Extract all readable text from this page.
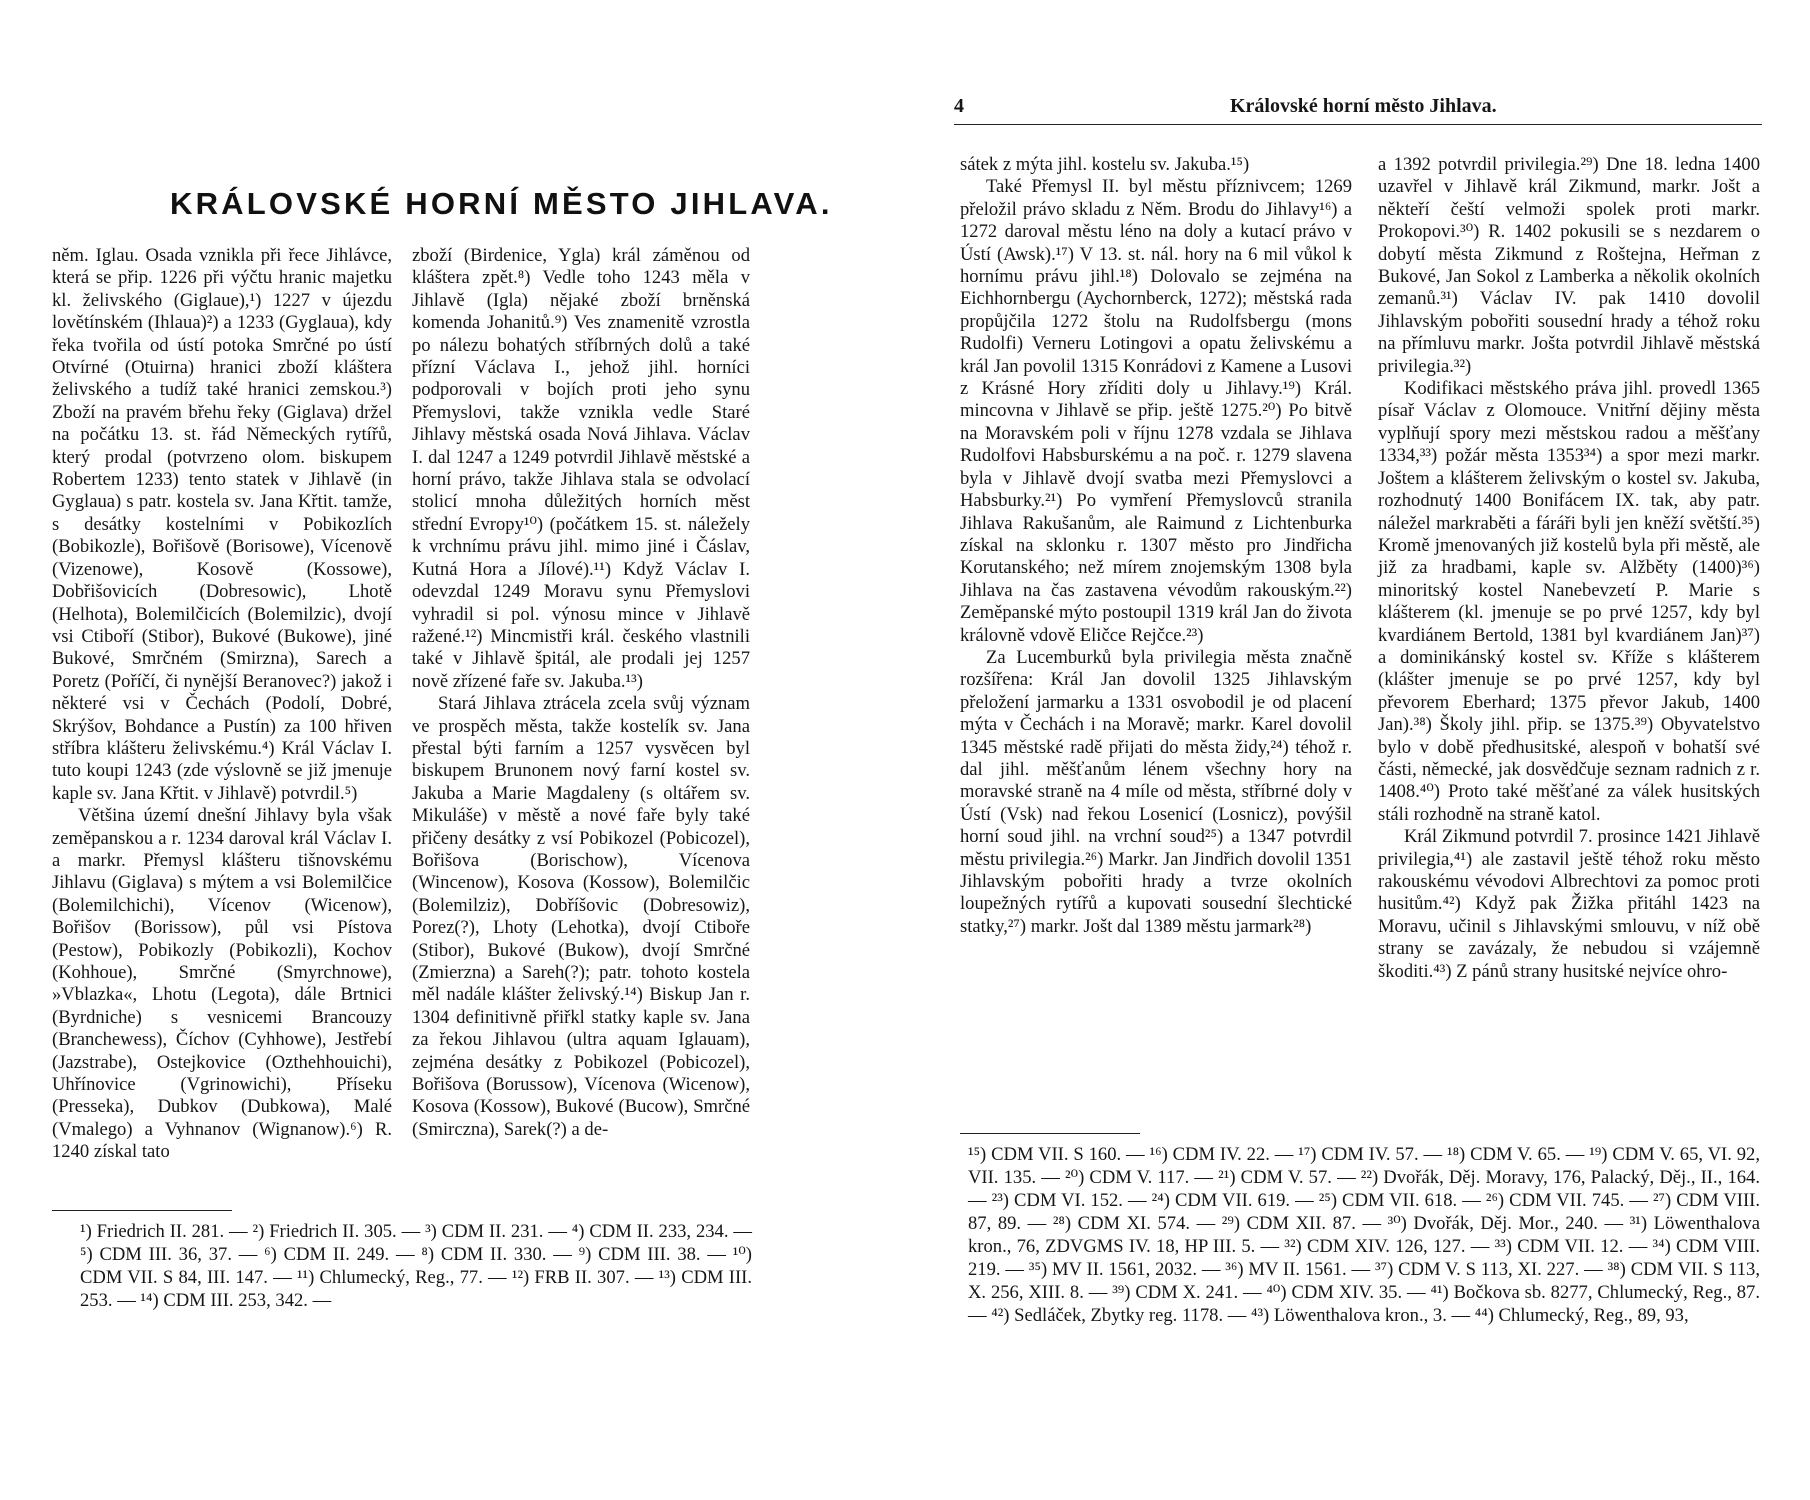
KRÁLOVSKÉ HORNÍ MĚSTO JIHLAVA.

něm. Iglau. Osada vznikla při řece Jihlávce, která se přip. 1226 při výčtu hranic majetku kl. želivského (Giglaue),¹) 1227 v újezdu lovětínském (Ihlaua)²) a 1233 (Gyglaua), kdy řeka tvořila od ústí potoka Smrčné po ústí Otvírné (Otuirna) hranici zboží kláštera želivského a tudíž také hranici zemskou.³) Zboží na pravém břehu řeky (Giglava) držel na počátku 13. st. řád Německých rytířů, který prodal (potvrzeno olom. biskupem Robertem 1233) tento statek v Jihlavě (in Gyglaua) s patr. kostela sv. Jana Křtit. tamže, s desátky kostelními v Pobikozlích (Bobikozle), Bořišově (Borisowe), Vícenově (Vizenowe), Kosově (Kossowe), Dobřišovicích (Dobresowic), Lhotě (Helhota), Bolemilčicích (Bolemilzic), dvojí vsi Ctiboří (Stibor), Bukové (Bukowe), jiné Bukové, Smrčném (Smirzna), Sarech a Poretz (Poříčí, či nynější Beranovec?) jakož i některé vsi v Čechách (Podolí, Dobré, Skrýšov, Bohdance a Pustín) za 100 hřiven stříbra klášteru želivskému.⁴) Král Václav I. tuto koupi 1243 (zde výslovně se již jmenuje kaple sv. Jana Křtit. v Jihlavě) potvrdil.⁵)

Většina území dnešní Jihlavy byla však zeměpanskou a r. 1234 daroval král Václav I. a markr. Přemysl klášteru tišnovskému Jihlavu (Giglava) s mýtem a vsi Bolemilčice (Bolemilchichi), Vícenov (Wicenow), Bořišov (Borissow), půl vsi Pístova (Pestow), Pobikozly (Pobikozli), Kochov (Kohhoue), Smrčné (Smyrchnowe), »Vblazka«, Lhotu (Legota), dále Brtnici (Byrdniche) s vesnicemi Brancouzy (Branchewess), Číchov (Cyhhowe), Jestřebí (Jazstrabe), Ostejkovice (Ozthehhouichi), Uhřínovice (Vgrinowichi), Příseku (Presseka), Dubkov (Dubkowa), Malé (Vmalego) a Vyhnanov (Wignanow).⁶) R. 1240 získal tato

zboží (Birdenice, Ygla) král záměnou od kláštera zpět.⁸) Vedle toho 1243 měla v Jihlavě (Igla) nějaké zboží brněnská komenda Johanitů.⁹) Ves znamenitě vzrostla po nálezu bohatých stříbrných dolů a také přízní Václava I., jehož jihl. horníci podporovali v bojích proti jeho synu Přemyslovi, takže vznikla vedle Staré Jihlavy městská osada Nová Jihlava. Václav I. dal 1247 a 1249 potvrdil Jihlavě městské a horní právo, takže Jihlava stala se odvolací stolicí mnoha důležitých horních měst střední Evropy¹⁰) (počátkem 15. st. náležely k vrchnímu právu jihl. mimo jiné i Čáslav, Kutná Hora a Jílové).¹¹) Když Václav I. odevzdal 1249 Moravu synu Přemyslovi vyhradil si pol. výnosu mince v Jihlavě ražené.¹²) Mincmistři král. českého vlastnili také v Jihlavě špitál, ale prodali jej 1257 nově zřízené faře sv. Jakuba.¹³)

Stará Jihlava ztrácela zcela svůj význam ve prospěch města, takže kostelík sv. Jana přestal býti farním a 1257 vysvěcen byl biskupem Brunonem nový farní kostel sv. Jakuba a Marie Magdaleny (s oltářem sv. Mikuláše) v městě a nové faře byly také přičeny desátky z vsí Pobikozel (Pobicozel), Bořišova (Borischow), Vícenova (Wincenow), Kosova (Kossow), Bolemilčic (Bolemilziz), Dobříšovic (Dobresowiz), Porez(?), Lhoty (Lehotka), dvojí Ctiboře (Stibor), Bukové (Bukow), dvojí Smrčné (Zmierzna) a Sareh(?); patr. tohoto kostela měl nadále klášter želivský.¹⁴) Biskup Jan r. 1304 definitivně přiřkl statky kaple sv. Jana za řekou Jihlavou (ultra aquam Iglauam), zejména desátky z Pobikozel (Pobicozel), Bořišova (Borussow), Vícenova (Wicenow), Kosova (Kossow), Bukové (Bucow), Smrčné (Smirczna), Sarek(?) a de-

¹) Friedrich II. 281. — ²) Friedrich II. 305. — ³) CDM II. 231. — ⁴) CDM II. 233, 234. — ⁵) CDM III. 36, 37. — ⁶) CDM II. 249. — ⁸) CDM II. 330. — ⁹) CDM III. 38. — ¹⁰) CDM VII. S 84, III. 147. — ¹¹) Chlumecký, Reg., 77. — ¹²) FRB II. 307. — ¹³) CDM III. 253. — ¹⁴) CDM III. 253, 342. —
4	Královské horní město Jihlava.

sátek z mýta jihl. kostelu sv. Jakuba.¹⁵)

Také Přemysl II. byl městu příznivcem; 1269 přeložil právo skladu z Něm. Brodu do Jihlavy¹⁶) a 1272 daroval městu léno na doly a kutací právo v Ústí (Awsk).¹⁷) V 13. st. nál. hory na 6 mil vůkol k hornímu právu jihl.¹⁸) Dolovalo se zejména na Eichhornbergu (Aychornberck, 1272); městská rada propůjčila 1272 štolu na Rudolfsbergu (mons Rudolfi) Verneru Lotingovi a opatu želivskému a král Jan povolil 1315 Konrádovi z Kamene a Lusovi z Krásné Hory zříditi doly u Jihlavy.¹⁹) Král. mincovna v Jihlavě se přip. ještě 1275.²⁰) Po bitvě na Moravském poli v říjnu 1278 vzdala se Jihlava Rudolfovi Habsburskému a na poč. r. 1279 slavena byla v Jihlavě dvojí svatba mezi Přemyslovci a Habsburky.²¹) Po vymření Přemyslovců stranila Jihlava Rakušanům, ale Raimund z Lichtenburka získal na sklonku r. 1307 město pro Jindřicha Korutanského; než mírem znojemským 1308 byla Jihlava na čas zastavena vévodům rakouským.²²) Zeměpanské mýto postoupil 1319 král Jan do života královně vdově Eličce Rejčce.²³)

Za Lucemburků byla privilegia města značně rozšířena: Král Jan dovolil 1325 Jihlavským přeložení jarmarku a 1331 osvobodil je od placení mýta v Čechách i na Moravě; markr. Karel dovolil 1345 městské radě přijati do města židy,²⁴) téhož r. dal jihl. měšťanům lénem všechny hory na moravské straně na 4 míle od města, stříbrné doly v Ústí (Vsk) nad řekou Losenicí (Losnicz), povýšil horní soud jihl. na vrchní soud²⁵) a 1347 potvrdil městu privilegia.²⁶) Markr. Jan Jindřich dovolil 1351 Jihlavským pobořiti hrady a tvrze okolních loupežných rytířů a kupovati sousední šlechtické statky,²⁷) markr. Jošt dal 1389 městu jarmark²⁸)

a 1392 potvrdil privilegia.²⁹) Dne 18. ledna 1400 uzavřel v Jihlavě král Zikmund, markr. Jošt a někteří čeští velmoži spolek proti markr. Prokopovi.³⁰) R. 1402 pokusili se s nezdarem o dobytí města Zikmund z Roštejna, Heřman z Bukové, Jan Sokol z Lamberka a několik okolních zemanů.³¹) Václav IV. pak 1410 dovolil Jihlavským pobořiti sousední hrady a téhož roku na přímluvu markr. Jošta potvrdil Jihlavě městská privilegia.³²)

Kodifikaci městského práva jihl. provedl 1365 písař Václav z Olomouce. Vnitřní dějiny města vyplňují spory mezi městskou radou a měšťany 1334,³³) požár města 1353³⁴) a spor mezi markr. Joštem a klášterem želivským o kostel sv. Jakuba, rozhodnutý 1400 Bonifácem IX. tak, aby patr. náležel markraběti a fáráři byli jen kněží světští.³⁵) Kromě jmenovaných již kostelů byla při městě, ale již za hradbami, kaple sv. Alžběty (1400)³⁶) minoritský kostel Nanebevzetí P. Marie s klášterem (kl. jmenuje se po prvé 1257, kdy byl kvardiánem Bertold, 1381 byl kvardiánem Jan)³⁷) a dominikánský kostel sv. Kříže s klášterem (klášter jmenuje se po prvé 1257, kdy byl převorem Eberhard; 1375 převor Jakub, 1400 Jan).³⁸) Školy jihl. přip. se 1375.³⁹) Obyvatelstvo bylo v době předhusitské, alespoň v bohatší své části, německé, jak dosvědčuje seznam radnich z r. 1408.⁴⁰) Proto také měšťané za válek husitských stáli rozhodně na straně katol.

Král Zikmund potvrdil 7. prosince 1421 Jihlavě privilegia,⁴¹) ale zastavil ještě téhož roku město rakouskému vévodovi Albrechtovi za pomoc proti husitům.⁴²) Když pak Žižka přitáhl 1423 na Moravu, učinil s Jihlavskými smlouvu, v níž obě strany se zavázaly, že nebudou si vzájemně škoditi.⁴³) Z pánů strany husitské nejvíce ohro-

¹⁵) CDM VII. S 160. — ¹⁶) CDM IV. 22. — ¹⁷) CDM IV. 57. — ¹⁸) CDM V. 65. — ¹⁹) CDM V. 65, VI. 92, VII. 135. — ²⁰) CDM V. 117. — ²¹) CDM V. 57. — ²²) Dvořák, Děj. Moravy, 176, Palacký, Děj., II., 164. — ²³) CDM VI. 152. — ²⁴) CDM VII. 619. — ²⁵) CDM VII. 618. — ²⁶) CDM VII. 745. — ²⁷) CDM VIII. 87, 89. — ²⁸) CDM XI. 574. — ²⁹) CDM XII. 87. — ³⁰) Dvořák, Děj. Mor., 240. — ³¹) Löwenthalova kron., 76, ZDVGMS IV. 18, HP III. 5. — ³²) CDM XIV. 126, 127. — ³³) CDM VII. 12. — ³⁴) CDM VIII. 219. — ³⁵) MV II. 1561, 2032. — ³⁶) MV II. 1561. — ³⁷) CDM V. S 113, XI. 227. — ³⁸) CDM VII. S 113, X. 256, XIII. 8. — ³⁹) CDM X. 241. — ⁴⁰) CDM XIV. 35. — ⁴¹) Bočkova sb. 8277, Chlumecký, Reg., 87. — ⁴²) Sedláček, Zbytky reg. 1178. — ⁴³) Löwenthalova kron., 3. — ⁴⁴) Chlumecký, Reg., 89, 93,
